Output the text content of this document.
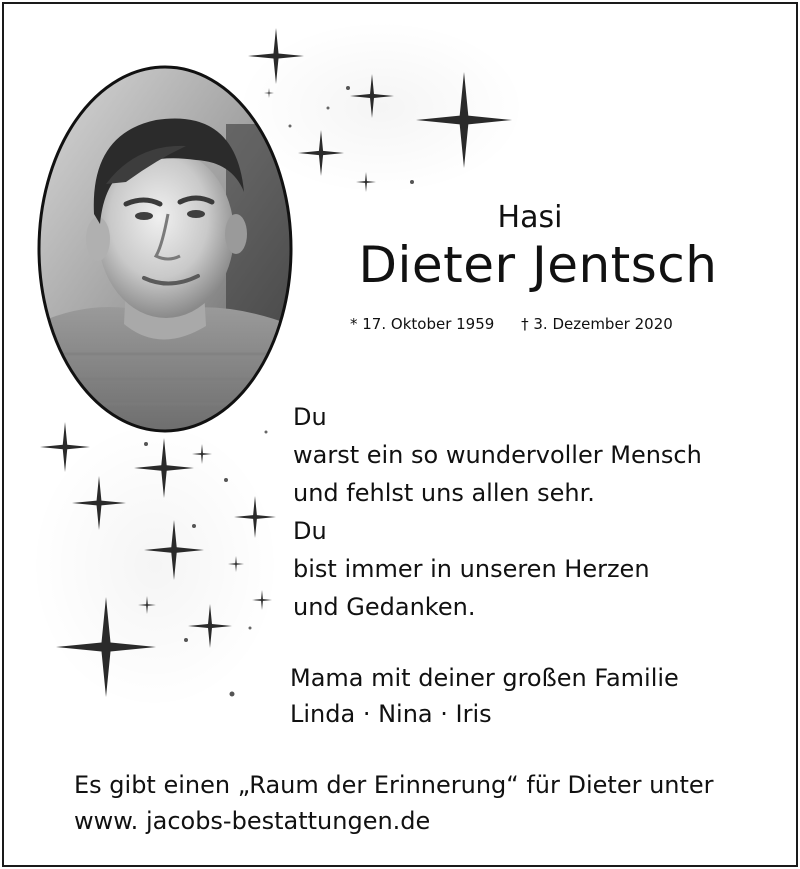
Hasi
Dieter Jentsch
* 17. Oktober 1959 † 3. Dezember 2020
Du
warst ein so wundervoller Mensch
und fehlst uns allen sehr.
Du
bist immer in unseren Herzen
und Gedanken.
Mama mit deiner großen Familie
Linda · Nina · Iris
Es gibt einen „Raum der Erinnerung“ für Dieter unter
www. jacobs-bestattungen.de
